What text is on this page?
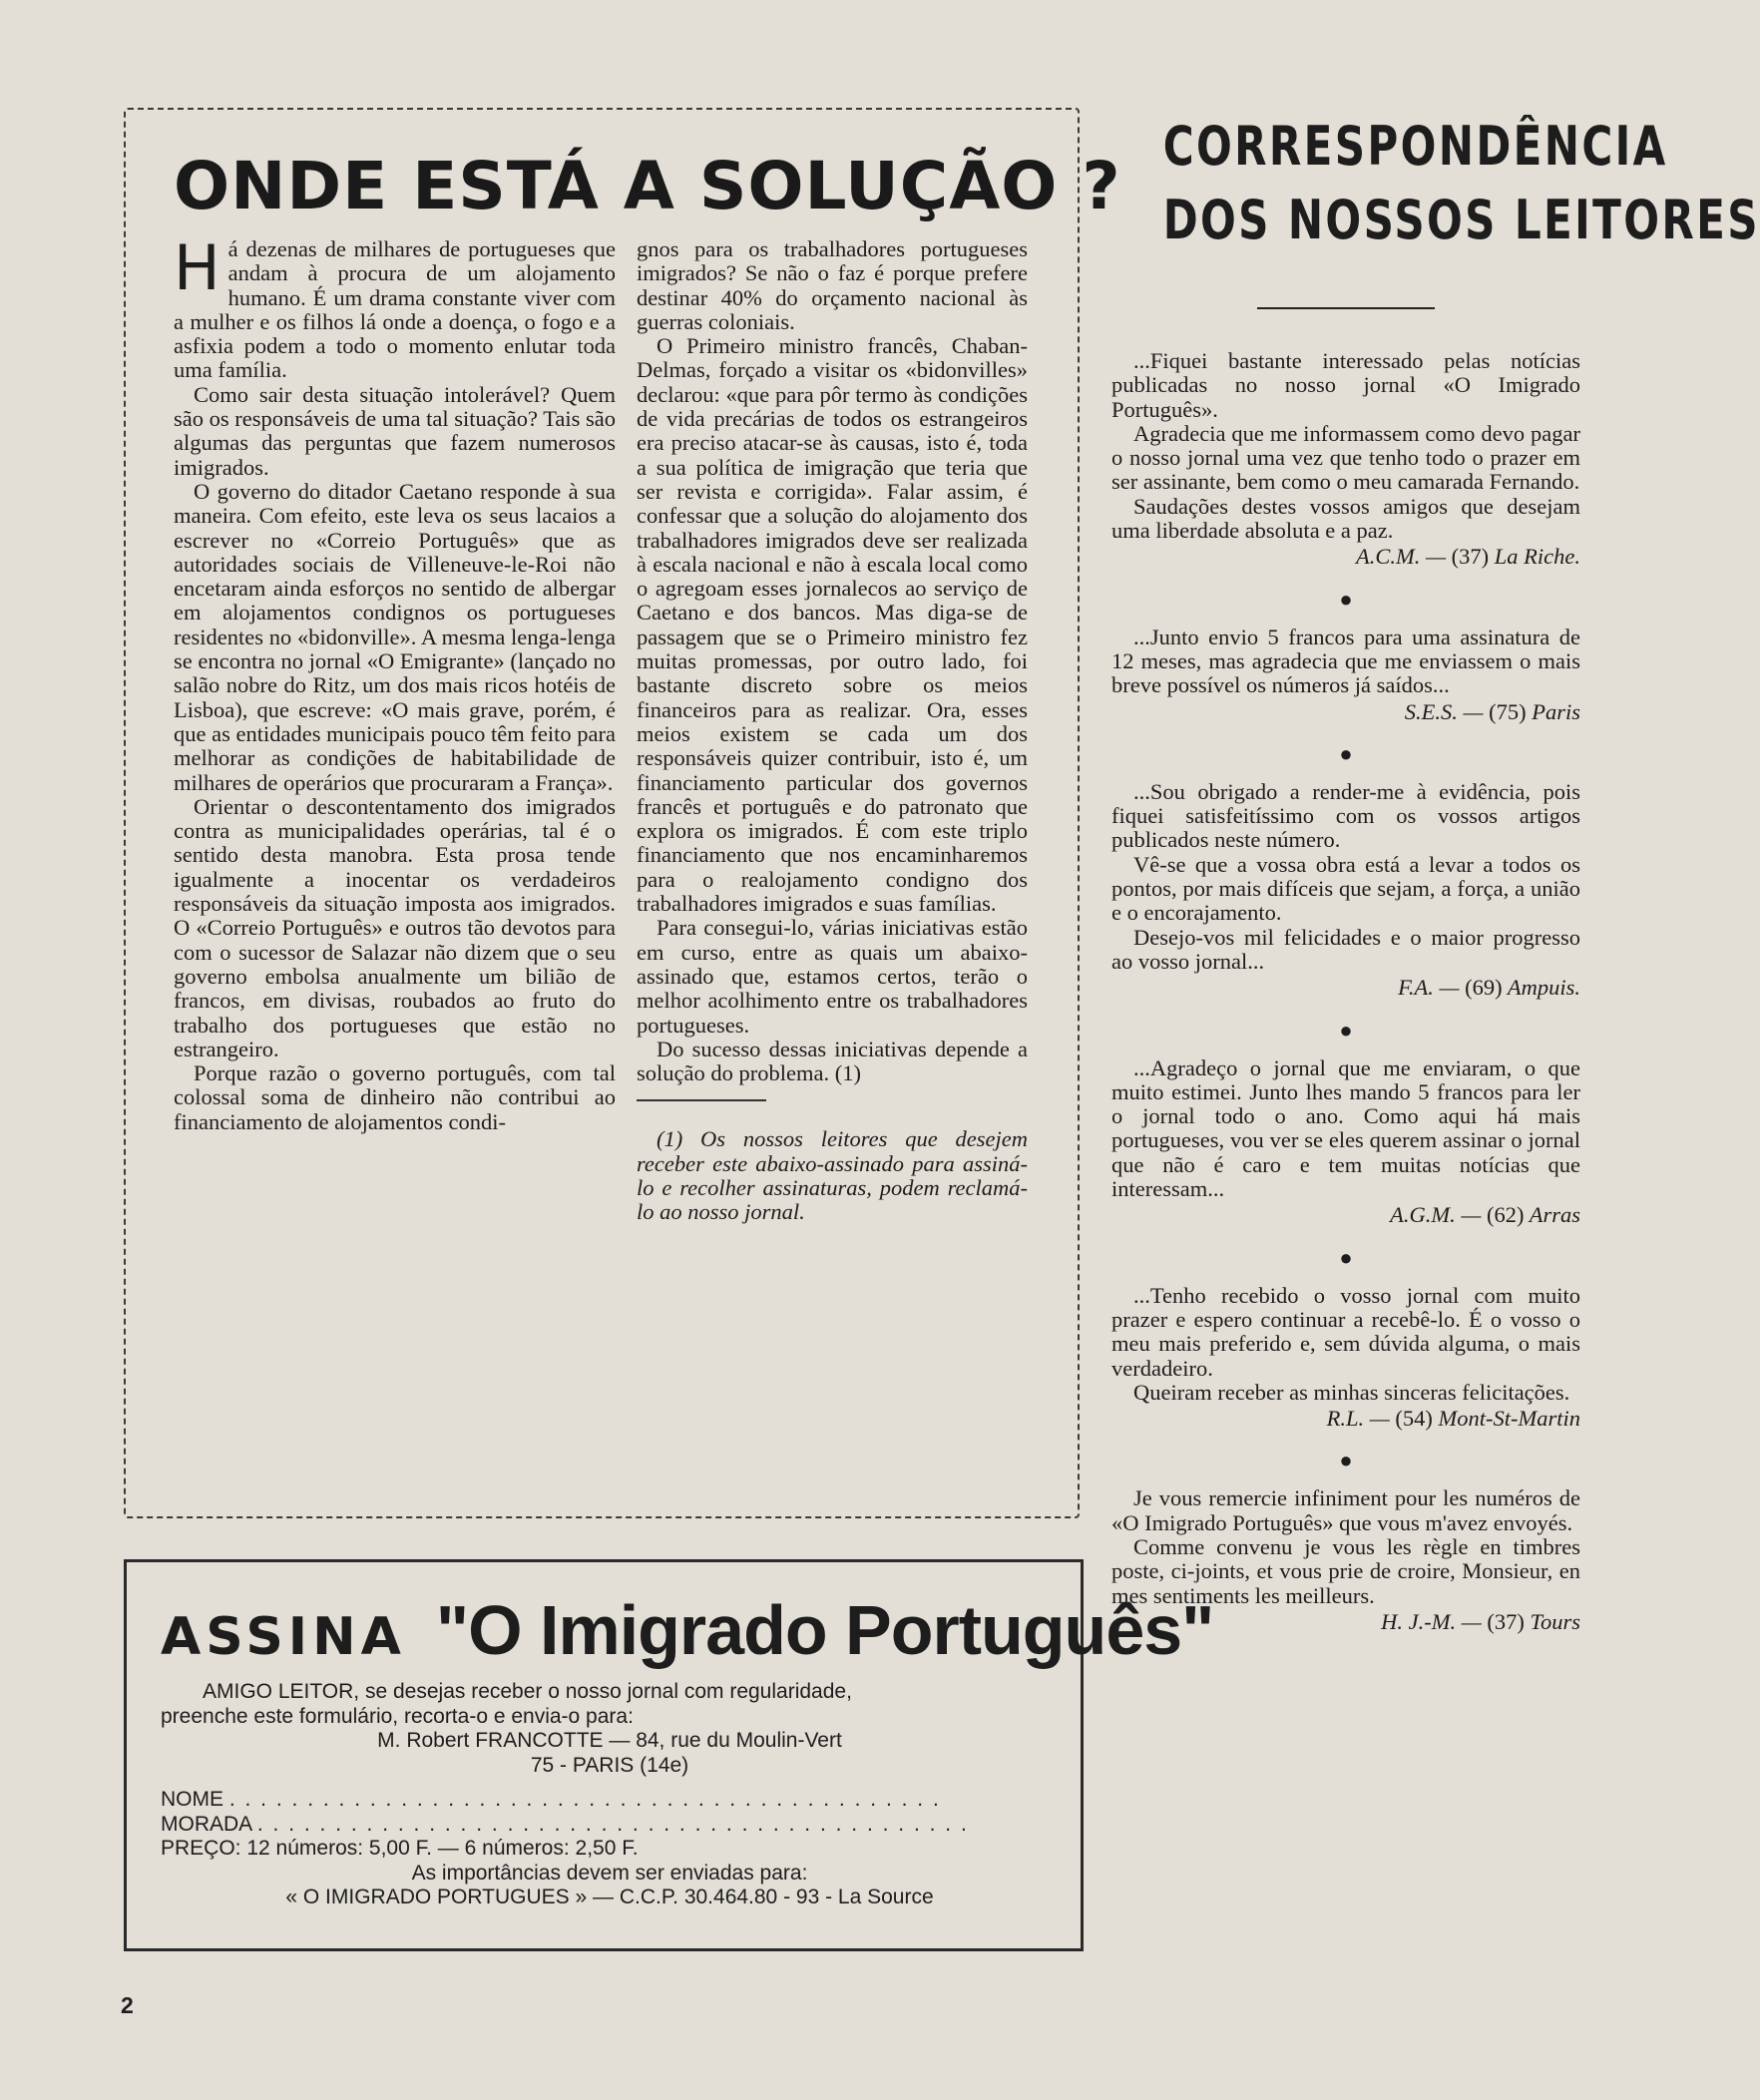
ONDE ESTÁ A SOLUÇÃO ?

Há dezenas de milhares de portugueses que andam à procura de um alojamento humano. É um drama constante viver com a mulher e os filhos lá onde a doença, o fogo e a asfixia podem a todo o momento enlutar toda uma família.

Como sair desta situação intolerável? Quem são os responsáveis de uma tal situação? Tais são algumas das perguntas que fazem numerosos imigrados.

O governo do ditador Caetano responde à sua maneira. Com efeito, este leva os seus lacaios a escrever no «Correio Português» que as autoridades sociais de Villeneuve-le-Roi não encetaram ainda esforços no sentido de albergar em alojamentos condignos os portugueses residentes no «bidonville». A mesma lenga-lenga se encontra no jornal «O Emigrante» (lançado no salão nobre do Ritz, um dos mais ricos hotéis de Lisboa), que escreve: «O mais grave, porém, é que as entidades municipais pouco têm feito para melhorar as condições de habitabilidade de milhares de operários que procuraram a França».

Orientar o descontentamento dos imigrados contra as municipalidades operárias, tal é o sentido desta manobra. Esta prosa tende igualmente a inocentar os verdadeiros responsáveis da situação imposta aos imigrados. O «Correio Português» e outros tão devotos para com o sucessor de Salazar não dizem que o seu governo embolsa anualmente um bilião de francos, em divisas, roubados ao fruto do trabalho dos portugueses que estão no estrangeiro.

Porque razão o governo português, com tal colossal soma de dinheiro não contribui ao financiamento de alojamentos condi-

gnos para os trabalhadores portugueses imigrados? Se não o faz é porque prefere destinar 40% do orçamento nacional às guerras coloniais.

O Primeiro ministro francês, Chaban-Delmas, forçado a visitar os «bidonvilles» declarou: «que para pôr termo às condições de vida precárias de todos os estrangeiros era preciso atacar-se às causas, isto é, toda a sua política de imigração que teria que ser revista e corrigida». Falar assim, é confessar que a solução do alojamento dos trabalhadores imigrados deve ser realizada à escala nacional e não à escala local como o agregoam esses jornalecos ao serviço de Caetano e dos bancos. Mas diga-se de passagem que se o Primeiro ministro fez muitas promessas, por outro lado, foi bastante discreto sobre os meios financeiros para as realizar. Ora, esses meios existem se cada um dos responsáveis quizer contribuir, isto é, um financiamento particular dos governos francês et português e do patronato que explora os imigrados. É com este triplo financiamento que nos encaminharemos para o realojamento condigno dos trabalhadores imigrados e suas famílias.

Para consegui-lo, várias iniciativas estão em curso, entre as quais um abaixo-assinado que, estamos certos, terão o melhor acolhimento entre os trabalhadores portugueses.

Do sucesso dessas iniciativas depende a solução do problema. (1)

(1) Os nossos leitores que desejem receber este abaixo-assinado para assiná-lo e recolher assinaturas, podem reclamá-lo ao nosso jornal.

ASSINA "O Imigrado Português"
AMIGO LEITOR, se desejas receber o nosso jornal com regularidade,
preenche este formulário, recorta-o e envia-o para:
M. Robert FRANCOTTE — 84, rue du Moulin-Vert
75 - PARIS (14e)
NOME . . . . . . . . . . . . . . . . . . . . . . . . . . . . . . . . . . . . . . . . . . . . . .
MORADA . . . . . . . . . . . . . . . . . . . . . . . . . . . . . . . . . . . . . . . . . . . . . .
PREÇO: 12 números: 5,00 F. — 6 números: 2,50 F.
As importâncias devem ser enviadas para:
« O IMIGRADO PORTUGUES » — C.C.P. 30.464.80 - 93 - La Source
CORRESPONDÊNCIA
DOS NOSSOS LEITORES

...Fiquei bastante interessado pelas notícias publicadas no nosso jornal «O Imigrado Português».

Agradecia que me informassem como devo pagar o nosso jornal uma vez que tenho todo o prazer em ser assinante, bem como o meu camarada Fernando.

Saudações destes vossos amigos que desejam uma liberdade absoluta e a paz.

A.C.M. — (37) La Riche.
●

...Junto envio 5 francos para uma assinatura de 12 meses, mas agradecia que me enviassem o mais breve possível os números já saídos...

S.E.S. — (75) Paris
●

...Sou obrigado a render-me à evidência, pois fiquei satisfeitíssimo com os vossos artigos publicados neste número.

Vê-se que a vossa obra está a levar a todos os pontos, por mais difíceis que sejam, a força, a união e o encorajamento.

Desejo-vos mil felicidades e o maior progresso ao vosso jornal...

F.A. — (69) Ampuis.
●

...Agradeço o jornal que me enviaram, o que muito estimei. Junto lhes mando 5 francos para ler o jornal todo o ano. Como aqui há mais portugueses, vou ver se eles querem assinar o jornal que não é caro e tem muitas notícias que interessam...

A.G.M. — (62) Arras
●

...Tenho recebido o vosso jornal com muito prazer e espero continuar a recebê-lo. É o vosso o meu mais preferido e, sem dúvida alguma, o mais verdadeiro.

Queiram receber as minhas sinceras felicitações.

R.L. — (54) Mont-St-Martin
●

Je vous remercie infiniment pour les numéros de «O Imigrado Português» que vous m'avez envoyés.

Comme convenu je vous les règle en timbres poste, ci-joints, et vous prie de croire, Monsieur, en mes sentiments les meilleurs.

H. J.-M. — (37) Tours
2
